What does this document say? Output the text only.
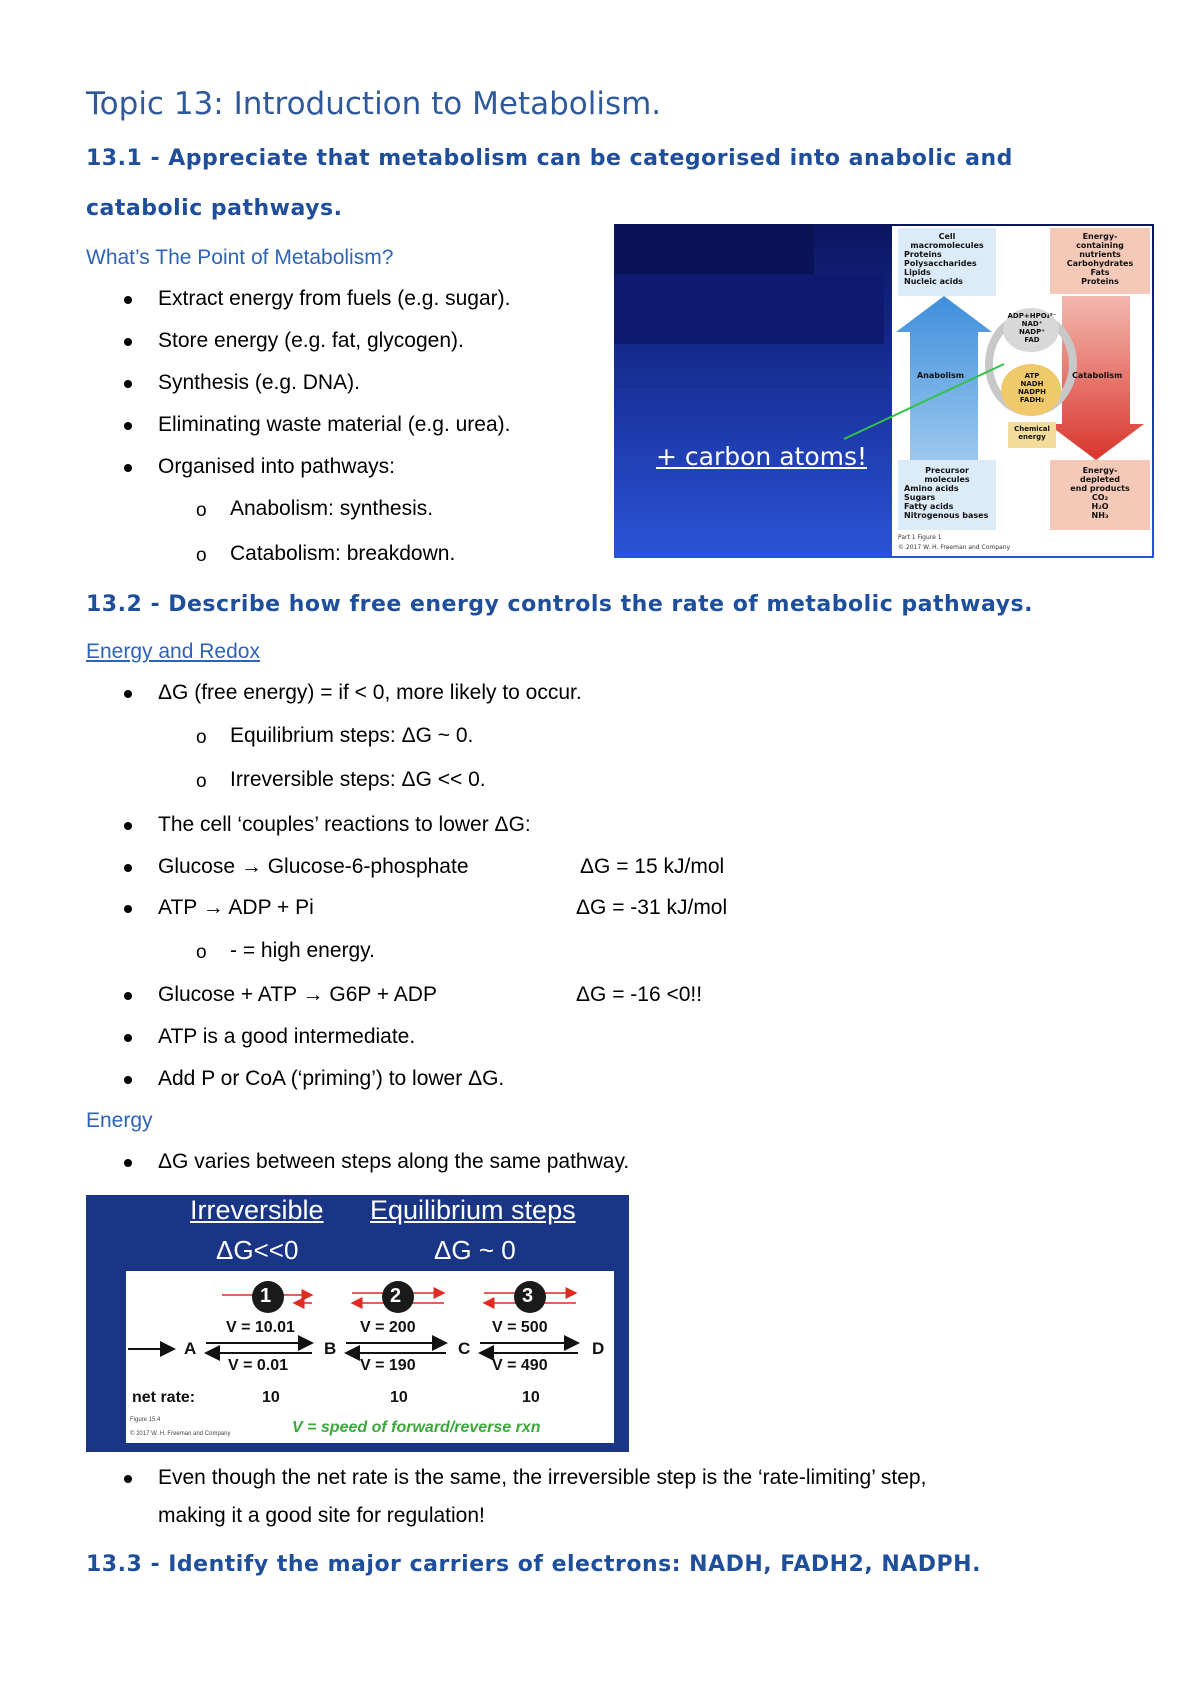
Topic 13: Introduction to Metabolism.
13.1 - Appreciate that metabolism can be categorised into anabolic and
catabolic pathways.
What’s The Point of Metabolism?
Extract energy from fuels (e.g. sugar).
Store energy (e.g. fat, glycogen).
Synthesis (e.g. DNA).
Eliminating waste material (e.g. urea).
Organised into pathways:
o Anabolism: synthesis.
o Catabolism: breakdown.
Cell
macromolecules
Proteins
Polysaccharides
Lipids
Nucleic acids
Energy-
containing
nutrients
Carbohydrates
Fats
Proteins
Anabolism	Catabolism
ADP+HPO₄²⁻
NAD⁺
NADP⁺
FAD
ATP
NADH
NADPH
FADH₂
Chemical
energy
Precursor
molecules
Amino acids
Sugars
Fatty acids
Nitrogenous bases
Energy-
depleted
end products
CO₂
H₂O
NH₃
Part 1 Figure 1
© 2017 W. H. Freeman and Company
+ carbon atoms!
13.2 - Describe how free energy controls the rate of metabolic pathways.
Energy and Redox
ΔG (free energy) = if < 0, more likely to occur.
o Equilibrium steps: ΔG ~ 0.
o Irreversible steps: ΔG << 0.
The cell ‘couples’ reactions to lower ΔG:
Glucose → Glucose-6-phosphate	ΔG = 15 kJ/mol
ATP → ADP + Pi	ΔG = -31 kJ/mol
o - = high energy.
Glucose + ATP → G6P + ADP	ΔG = -16 <0!!
ATP is a good intermediate.
Add P or CoA (‘priming’) to lower ΔG.
Energy
ΔG varies between steps along the same pathway.
Irreversible Equilibrium steps
ΔG<<0	ΔG ~ 0
1	2	3
A	B	C	D
V = 10.01
V = 0.01
V = 200
V = 190
V = 500
V = 490
net rate:	10	10	10
Figure 15.4
© 2017 W. H. Freeman and Company	V = speed of forward/reverse rxn
Even though the net rate is the same, the irreversible step is the ‘rate-limiting’ step,
making it a good site for regulation!
13.3 - Identify the major carriers of electrons: NADH, FADH2, NADPH.
